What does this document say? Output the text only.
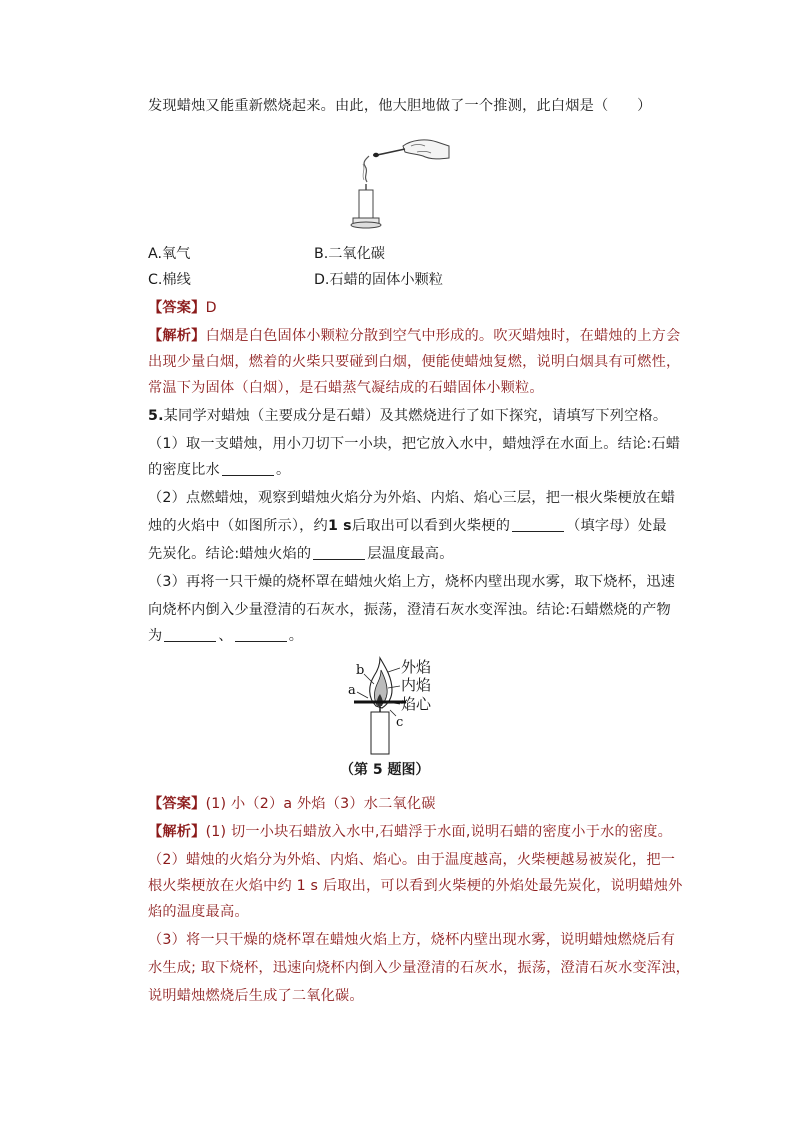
发现蜡烛又能重新燃烧起来。由此，他大胆地做了一个推测，此白烟是（　　）
A.氧气	B.二氧化碳
C.棉线	D.石蜡的固体小颗粒
【答案】D
【解析】白烟是白色固体小颗粒分散到空气中形成的。吹灭蜡烛时，在蜡烛的上方会
出现少量白烟，燃着的火柴只要碰到白烟，便能使蜡烛复燃，说明白烟具有可燃性，
常温下为固体（白烟），是石蜡蒸气凝结成的石蜡固体小颗粒。
5.某同学对蜡烛（主要成分是石蜡）及其燃烧进行了如下探究，请填写下列空格。
（1）取一支蜡烛，用小刀切下一小块，把它放入水中，蜡烛浮在水面上。结论:石蜡
的密度比水	。
（2）点燃蜡烛，观察到蜡烛火焰分为外焰、内焰、焰心三层，把一根火柴梗放在蜡
烛的火焰中（如图所示），约1 s后取出可以看到火柴梗的	（填字母）处最
先炭化。结论:蜡烛火焰的	层温度最高。
（3）再将一只干燥的烧杯罩在蜡烛火焰上方，烧杯内壁出现水雾，取下烧杯，迅速
向烧杯内倒入少量澄清的石灰水，振荡，澄清石灰水变浑浊。结论:石蜡燃烧的产物
为	、	。
b
a
c
外焰
内焰
焰心
（第 5 题图）
【答案】(1) 小（2）a 外焰（3）水二氧化碳
【解析】(1) 切一小块石蜡放入水中,石蜡浮于水面,说明石蜡的密度小于水的密度。
（2）蜡烛的火焰分为外焰、内焰、焰心。由于温度越高，火柴梗越易被炭化，把一
根火柴梗放在火焰中约 1 s 后取出，可以看到火柴梗的外焰处最先炭化，说明蜡烛外
焰的温度最高。
（3）将一只干燥的烧杯罩在蜡烛火焰上方，烧杯内壁出现水雾，说明蜡烛燃烧后有
水生成; 取下烧杯，迅速向烧杯内倒入少量澄清的石灰水，振荡，澄清石灰水变浑浊，
说明蜡烛燃烧后生成了二氧化碳。
